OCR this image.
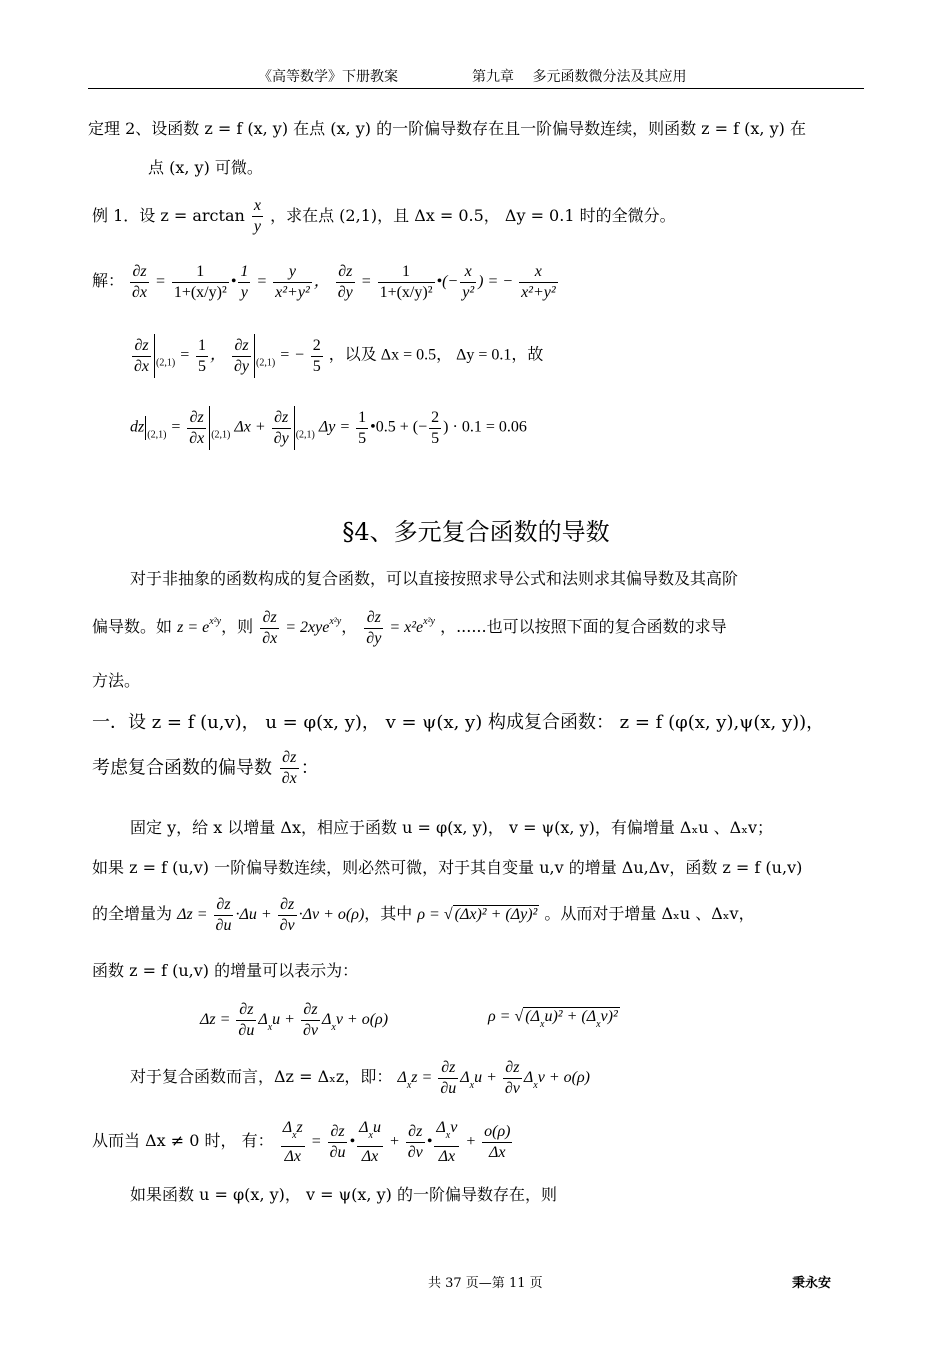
《高等数学》下册教案	第九章　 多元函数微分法及其应用
定理 2、设函数 z = f (x, y) 在点 (x, y) 的一阶偏导数存在且一阶偏导数连续，则函数 z = f (x, y) 在
点 (x, y) 可微。
例 1．设 $z = \arctan \frac{x}{y}$ ，求在点 (2,1)，且 Δx = 0.5， Δy = 0.1 时的全微分。
解： $\frac{\partial z}{\partial x} = \frac{1}{\text{1+(x/y)²}}$ • $\frac{1}{y} = \frac{y}{\text{x²+y²}}$ ， $\frac{\partial z}{\partial y} = \frac{1}{\text{1+(x/y)²}}$ •(− $\frac{x}{\text{y²}}$ ) = − $\frac{x}{\text{x²+y²}}$
$\frac{\partial z}{\partial x} _{(2,1)} = \frac{1}{5}$ ， $\frac{\partial z}{\partial y} _{(2,1)}$ = − $\frac{2}{5}$ ，以及 Δx = 0.5， Δy = 0.1，故
dz $_{(2,1)} = \frac{\partial z}{\partial x} _{(2,1)}$ $\Delta x + \frac{\partial z}{\partial y} _{(2,1)}$ $\Delta y = \frac{1}{5}$ •0.5 + (− $\frac{2}{5}$ ) · 0.1 = 0.06
§4、多元复合函数的导数
对于非抽象的函数构成的复合函数，可以直接按照求导公式和法则求其偏导数及其高阶
偏导数。如 $z = e^{x^2y}$，则 $\frac{\partial z}{\partial x} = 2xye^{x^2y}$， $\frac{\partial z}{\partial y} = x^2e^{x^2y}$ ，......也可以按照下面的复合函数的求导
方法。
一．设 z = f (u,v)， u = φ(x, y)， v = ψ(x, y) 构成复合函数： z = f (φ(x, y),ψ(x, y))，
考虑复合函数的偏导数 $\frac{\partial z}{\partial x}$ ：
固定 y，给 x 以增量 Δx，相应于函数 u = φ(x, y)， v = ψ(x, y)，有偏增量 Δₓu 、Δₓv；
如果 z = f (u,v) 一阶偏导数连续，则必然可微，对于其自变量 u,v 的增量 Δu,Δv，函数 z = f (u,v)
的全增量为 $\Delta z = \frac{\partial z}{\partial u} \cdot\Delta u + \frac{\partial z}{\partial v} \cdot\Delta v + o(\rho)$，其中 ρ = √ (Δx)² + (Δy)² 。从而对于增量 Δₓu 、Δₓv，
函数 z = f (u,v) 的增量可以表示为：
$\Delta z = \frac{\partial z}{\partial u} \Delta_xu + \frac{\partial z}{\partial v} \Delta_xv + o(\rho)$	ρ = √ $(\Delta_xu)^2 + (\Delta_xv)^2$
对于复合函数而言，Δz = Δₓz，即： $\Delta_xz = \frac{\partial z}{\partial u} \Delta_xu + \frac{\partial z}{\partial v} \Delta_xv + o(\rho)$
从而当 Δx ≠ 0 时， 有： $\frac{\Delta_xz}{\Delta x} = \frac{\partial z}{\partial u}$ • $\frac{\Delta_xu}{\Delta x} + \frac{\partial z}{\partial v}$ • $\frac{\Delta_xv}{\Delta x} + \frac{o(\rho)}{\Delta x}$
如果函数 u = φ(x, y)， v = ψ(x, y) 的一阶偏导数存在，则
共 37 页—第 11 页	秉永安
